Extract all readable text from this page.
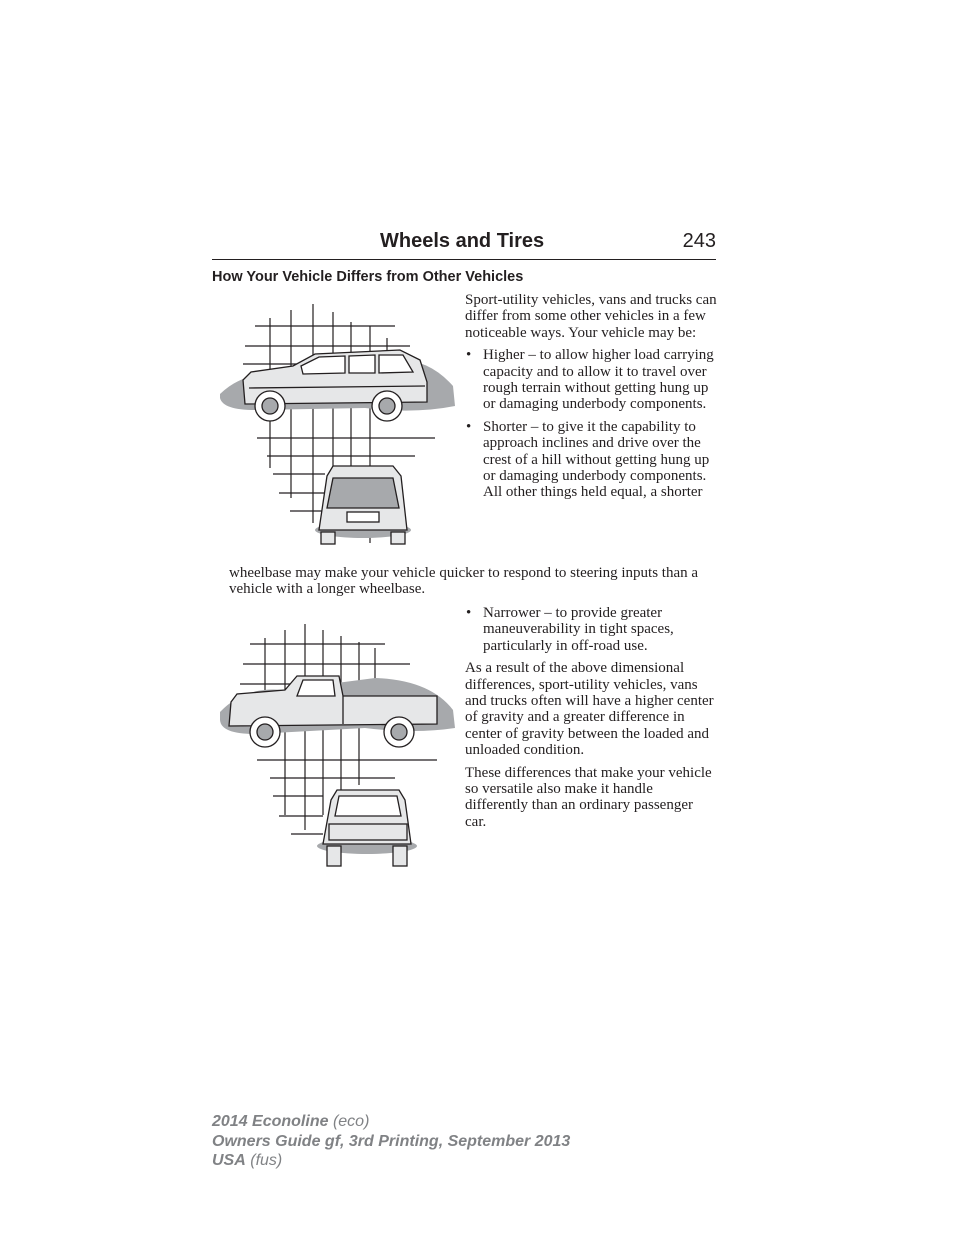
Wheels and Tires	243
How Your Vehicle Differs from Other Vehicles

Sport-utility vehicles, vans and trucks can differ from some other vehicles in a few noticeable ways. Your vehicle may be:

• Higher – to allow higher load carrying capacity and to allow it to travel over rough terrain without getting hung up or damaging underbody components.
• Shorter – to give it the capability to approach inclines and drive over the crest of a hill without getting hung up or damaging underbody components. All other things held equal, a shorter
wheelbase may make your vehicle quicker to respond to steering inputs than a vehicle with a longer wheelbase.
• Narrower – to provide greater maneuverability in tight spaces, particularly in off-road use.

As a result of the above dimensional differences, sport-utility vehicles, vans and trucks often will have a higher center of gravity and a greater difference in center of gravity between the loaded and unloaded condition.

These differences that make your vehicle so versatile also make it handle differently than an ordinary passenger car.

2014 Econoline (eco)
Owners Guide gf, 3rd Printing, September 2013
USA (fus)
